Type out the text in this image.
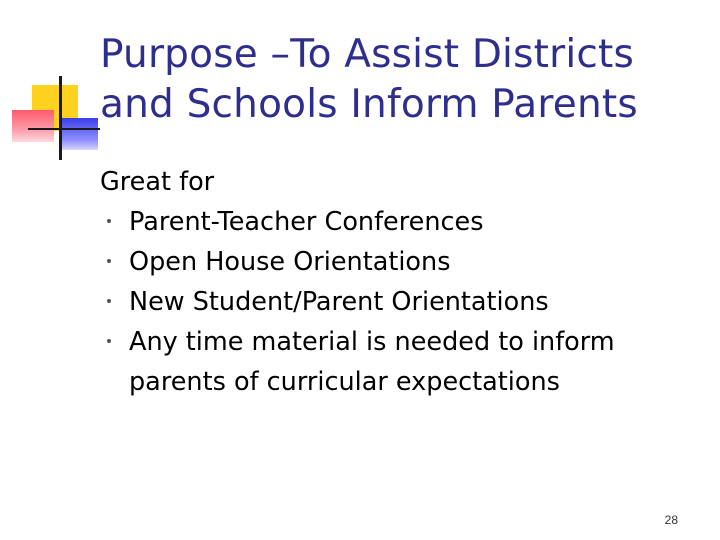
Purpose –To Assist Districts
and Schools Inform Parents
Great for
Parent-Teacher Conferences
Open House Orientations
New Student/Parent Orientations
Any time material is needed to inform parents of curricular expectations
28
